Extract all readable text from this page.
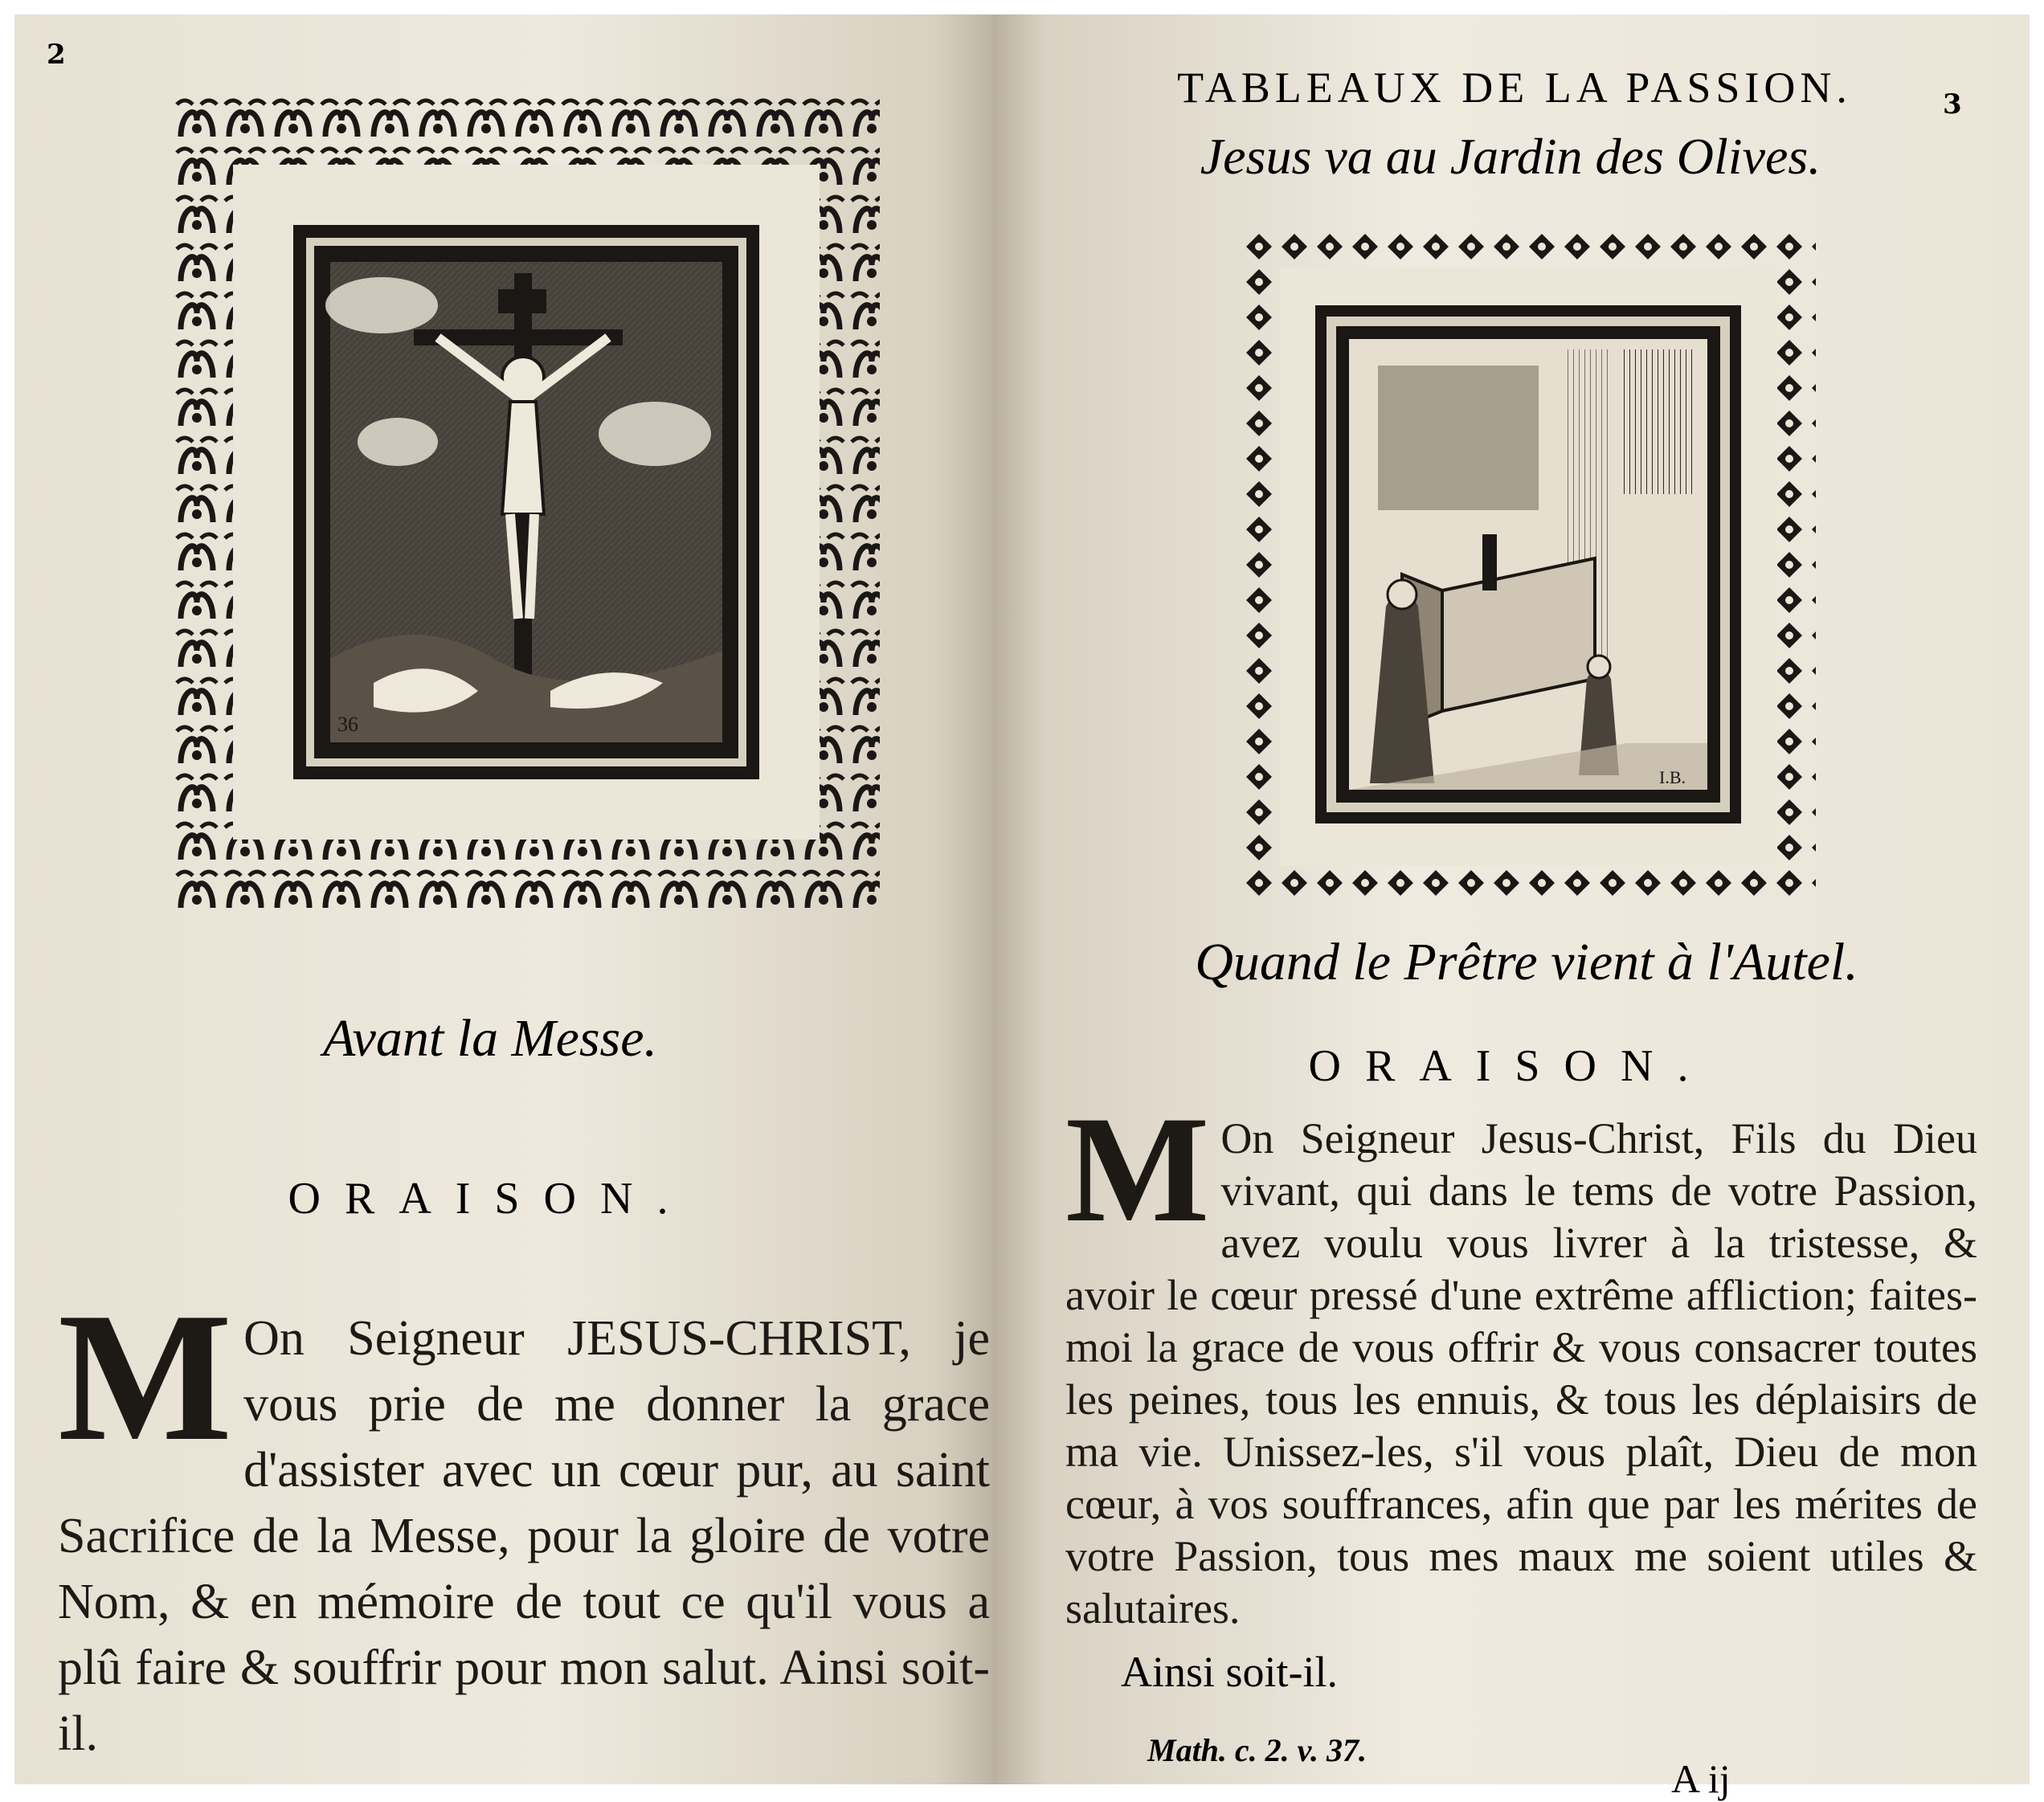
2
36
Avant la Messe.
ORAISON.
M On Seigneur JESUS-CHRIST, je vous prie de me donner la grace d'assister avec un cœur pur, au saint Sacrifice de la Messe, pour la gloire de votre Nom, & en mémoire de tout ce qu'il vous a plû faire & souffrir pour mon salut. Ainsi soit-il.
3
TABLEAUX DE LA PASSION.
Jesus va au Jardin des Olives.
I.B.
Quand le Prêtre vient à l'Autel.
ORAISON.
M On Seigneur Jesus-Christ, Fils du Dieu vivant, qui dans le tems de votre Passion, avez voulu vous livrer à la tristesse, & avoir le cœur pressé d'une extrême affliction; faites-moi la grace de vous offrir & vous consacrer toutes les peines, tous les ennuis, & tous les déplaisirs de ma vie. Unissez-les, s'il vous plaît, Dieu de mon cœur, à vos souffrances, afin que par les mérites de votre Passion, tous mes maux me soient utiles & salutaires.
Ainsi soit-il.
Math. c. 2. v. 37.
A ij
